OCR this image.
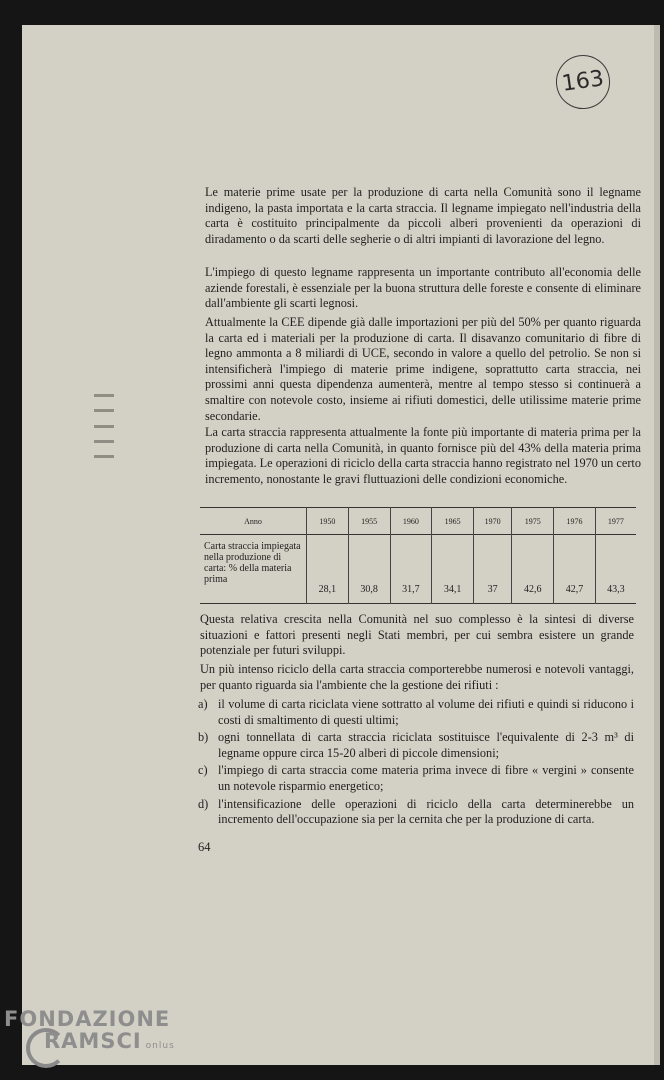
163

Le materie prime usate per la produzione di carta nella Comunità sono il legname indigeno, la pasta importata e la carta straccia. Il legname impiegato nell'industria della carta è costituito principalmente da piccoli alberi provenienti da operazioni di diradamento o da scarti delle segherie o di altri impianti di lavorazione del legno.

L'impiego di questo legname rappresenta un importante contributo all'economia delle aziende forestali, è essenziale per la buona struttura delle foreste e consente di eliminare dall'ambiente gli scarti legnosi.

Attualmente la CEE dipende già dalle importazioni per più del 50% per quanto riguarda la carta ed i materiali per la produzione di carta. Il disavanzo comunitario di fibre di legno ammonta a 8 miliardi di UCE, secondo in valore a quello del petrolio. Se non si intensificherà l'impiego di materie prime indigene, soprattutto carta straccia, nei prossimi anni questa dipendenza aumenterà, mentre al tempo stesso si continuerà a smaltire con notevole costo, insieme ai rifiuti domestici, delle utilissime materie prime secondarie.

La carta straccia rappresenta attualmente la fonte più importante di materia prima per la produzione di carta nella Comunità, in quanto fornisce più del 43% della materia prima impiegata. Le operazioni di riciclo della carta straccia hanno registrato nel 1970 un certo incremento, nonostante le gravi fluttuazioni delle condizioni economiche.

Anno	1950	1955	1960	1965	1970	1975	1976	1977
Carta straccia impiegata nella produzione di carta: % della materia prima	28,1	30,8	31,7	34,1	37	42,6	42,7	43,3

Questa relativa crescita nella Comunità nel suo complesso è la sintesi di diverse situazioni e fattori presenti negli Stati membri, per cui sembra esistere un grande potenziale per futuri sviluppi.

Un più intenso riciclo della carta straccia comporterebbe numerosi e notevoli vantaggi, per quanto riguarda sia l'ambiente che la gestione dei rifiuti :

a) il volume di carta riciclata viene sottratto al volume dei rifiuti e quindi si riducono i costi di smaltimento di questi ultimi;
b) ogni tonnellata di carta straccia riciclata sostituisce l'equivalente di 2-3 m³ di legname oppure circa 15-20 alberi di piccole dimensioni;
c) l'impiego di carta straccia come materia prima invece di fibre « vergini » consente un notevole risparmio energetico;
d) l'intensificazione delle operazioni di riciclo della carta determinerebbe un incremento dell'occupazione sia per la cernita che per la produzione di carta.
64
FONDAZIONE
RAMSCI onlus
